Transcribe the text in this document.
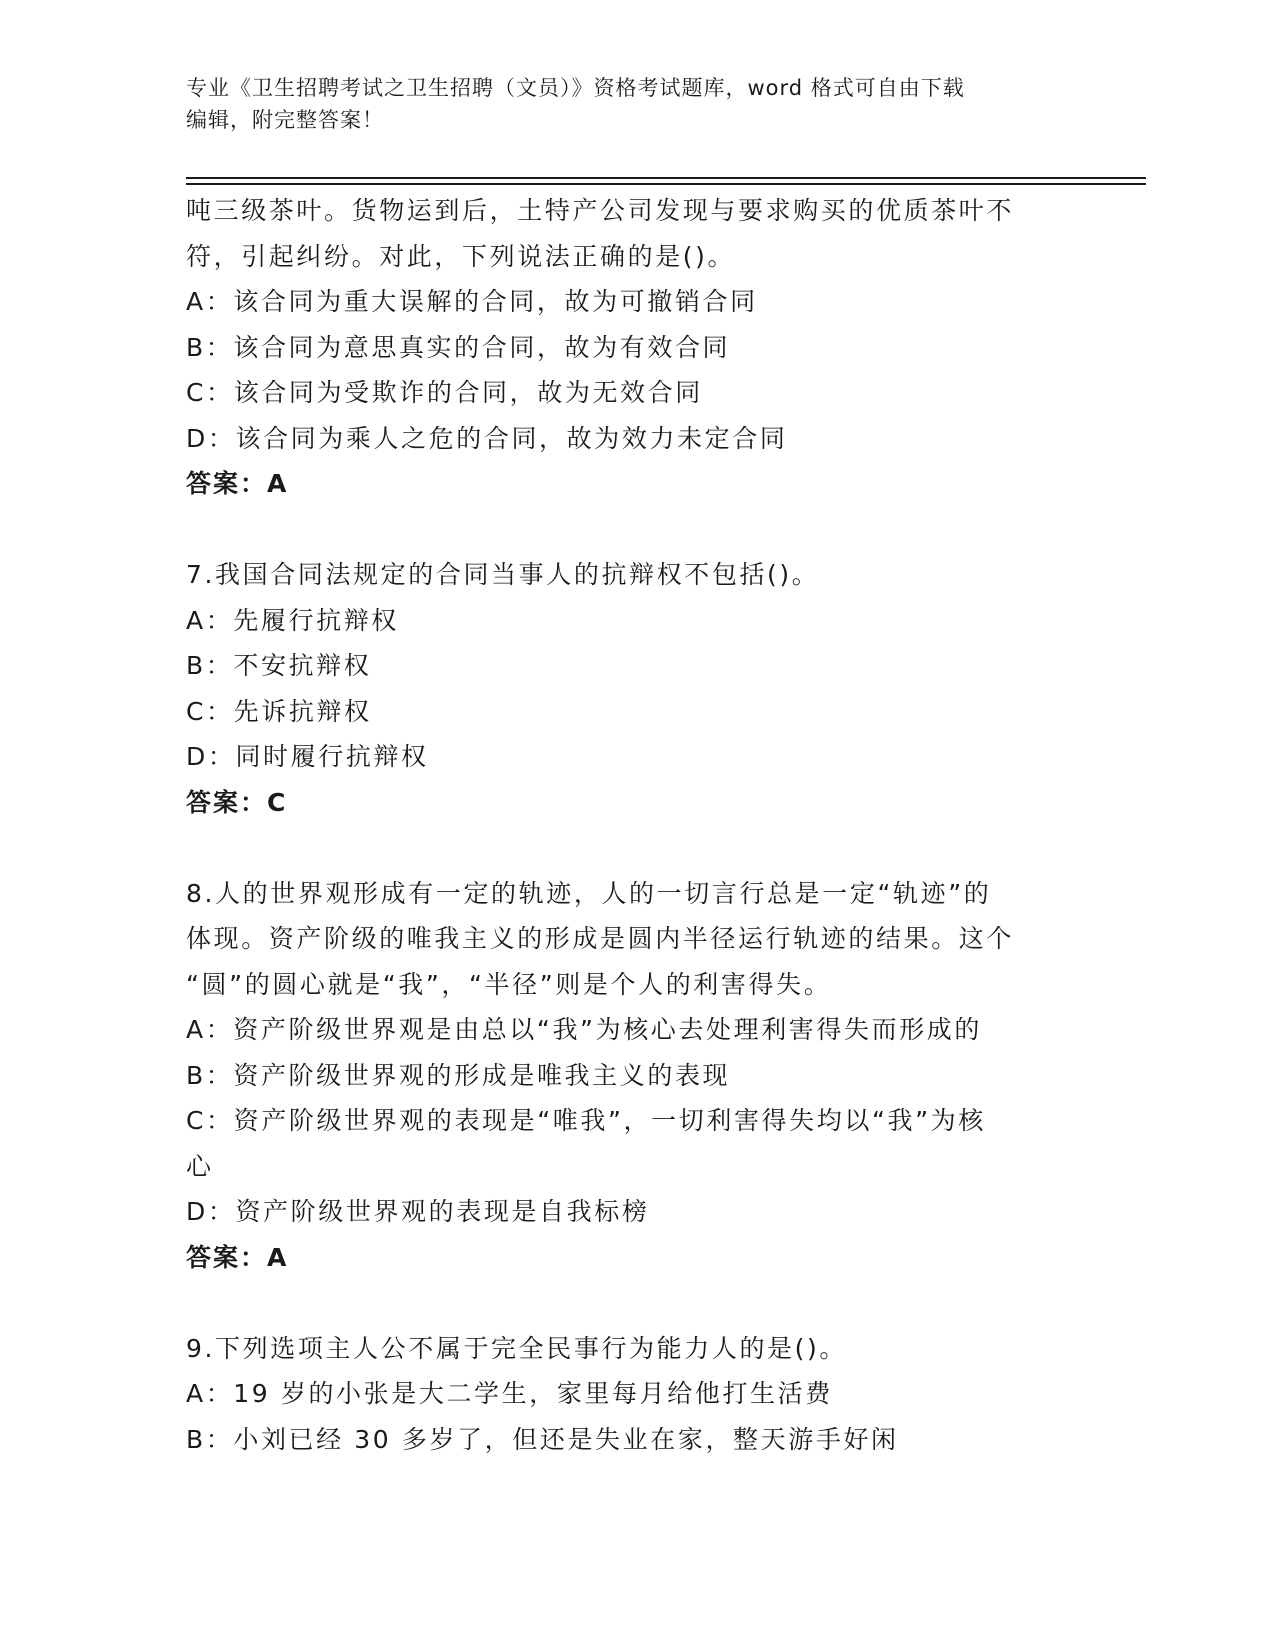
专业《卫生招聘考试之卫生招聘（文员）》资格考试题库，word 格式可自由下载
编辑，附完整答案！
吨三级茶叶。货物运到后，土特产公司发现与要求购买的优质茶叶不
符，引起纠纷。对此，下列说法正确的是()。
A：该合同为重大误解的合同，故为可撤销合同
B：该合同为意思真实的合同，故为有效合同
C：该合同为受欺诈的合同，故为无效合同
D：该合同为乘人之危的合同，故为效力未定合同
答案：A
7.我国合同法规定的合同当事人的抗辩权不包括()。
A：先履行抗辩权
B：不安抗辩权
C：先诉抗辩权
D：同时履行抗辩权
答案：C
8.人的世界观形成有一定的轨迹，人的一切言行总是一定“轨迹”的
体现。资产阶级的唯我主义的形成是圆内半径运行轨迹的结果。这个
“圆”的圆心就是“我”，“半径”则是个人的利害得失。
A：资产阶级世界观是由总以“我”为核心去处理利害得失而形成的
B：资产阶级世界观的形成是唯我主义的表现
C：资产阶级世界观的表现是“唯我”，一切利害得失均以“我”为核
心
D：资产阶级世界观的表现是自我标榜
答案：A
9.下列选项主人公不属于完全民事行为能力人的是()。
A：19 岁的小张是大二学生，家里每月给他打生活费
B：小刘已经 30 多岁了，但还是失业在家，整天游手好闲
